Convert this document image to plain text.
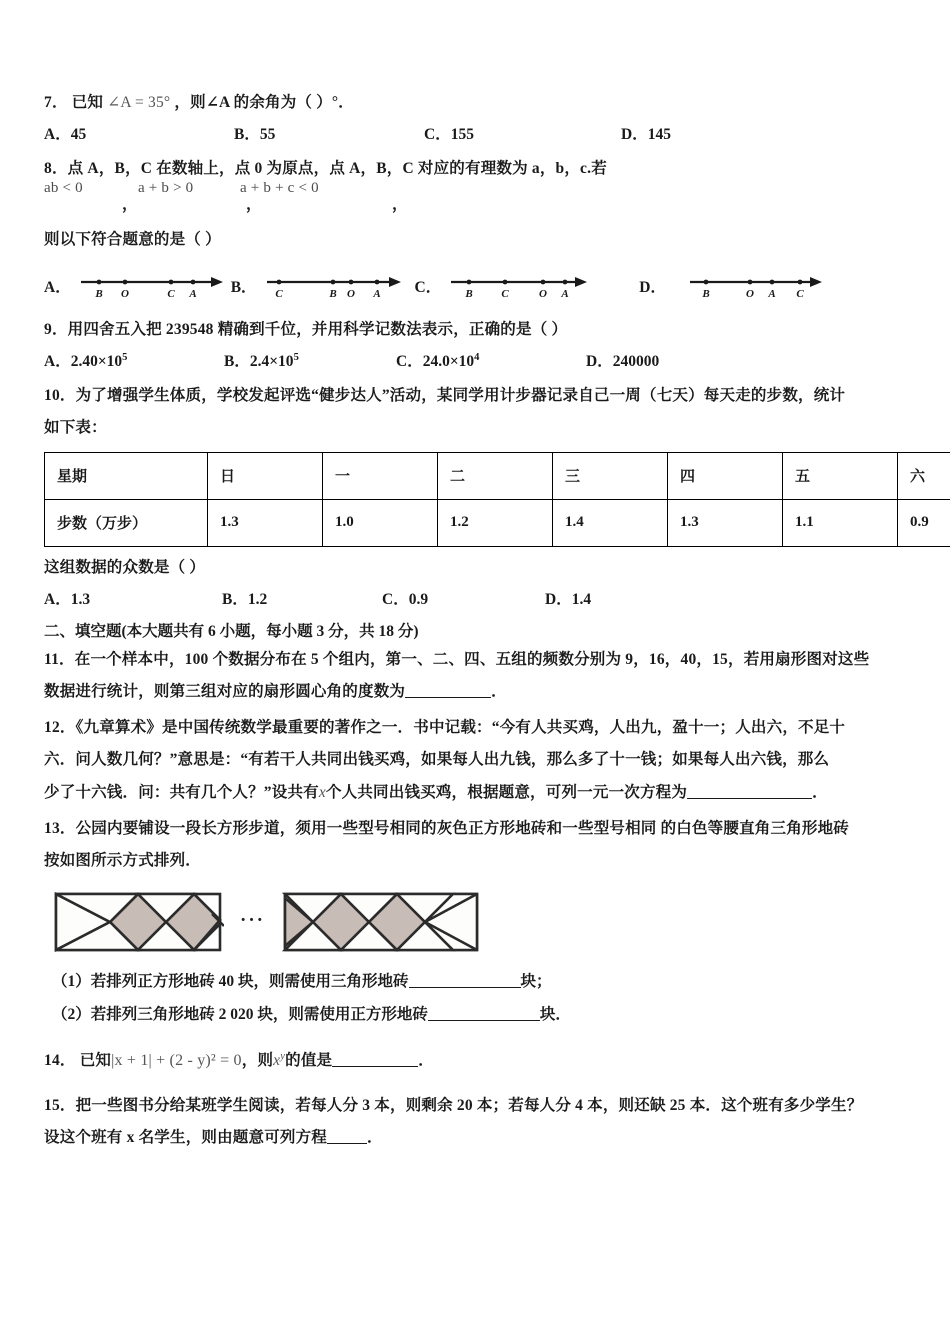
7． 已知 ∠A = 35° ，则∠A 的余角为（ ）°．
A．45	B．55	C．155	D．145
8．点 A，B，C 在数轴上，点 0 为原点，点 A，B，C 对应的有理数为 a，b，c.若
ab < 0
，
a + b > 0
，
a + b + c < 0
，
则以下符合题意的是（ ）
A． B O	C A B． C	B O A C． B	C	O A	D．	B	O A C
9．用四舍五入把 239548 精确到千位，并用科学记数法表示，正确的是（ ）
A．$2.40\times 10^5$	B．$2.4\times 10^5$	C．$24.0\times 10^4$	D．240000
10．为了增强学生体质，学校发起评选“健步达人”活动，某同学用计步器记录自己一周（七天）每天走的步数，统计
如下表：
星期	日	一	二	三	四	五	六
步数（万步）	1.3	1.0	1.2	1.4	1.3	1.1	0.9
这组数据的众数是（ ）
A．1.3	B．1.2	C．0.9	D．1.4
二、填空题(本大题共有 6 小题，每小题 3 分，共 18 分)
11．在一个样本中，100 个数据分布在 5 个组内，第一、二、四、五组的频数分别为 9，16，40，15，若用扇形图对这些
数据进行统计，则第三组对应的扇形圆心角的度数为	．
12．《九章算术》是中国传统数学最重要的著作之一．书中记载：“今有人共买鸡，人出九，盈十一；人出六，不足十
六．问人数几何？”意思是：“有若干人共同出钱买鸡，如果每人出九钱，那么多了十一钱；如果每人出六钱，那么
少了十六钱．问：共有几个人？”设共有x个人共同出钱买鸡，根据题意，可列一元一次方程为	．
13．公园内要铺设一段长方形步道，须用一些型号相同的灰色正方形地砖和一些型号相同 的白色等腰直角三角形地砖
按如图所示方式排列．
···
（1）若排列正方形地砖 40 块，则需使用三角形地砖	块；
（2）若排列三角形地砖 2 020 块，则需使用正方形地砖	块．
14． 已知|x + 1| + (2 - y)² = 0，则$x^y$的值是	．
15．把一些图书分给某班学生阅读，若每人分 3 本，则剩余 20 本；若每人分 4 本，则还缺 25 本．这个班有多少学生？
设这个班有 x 名学生，则由题意可列方程	．
